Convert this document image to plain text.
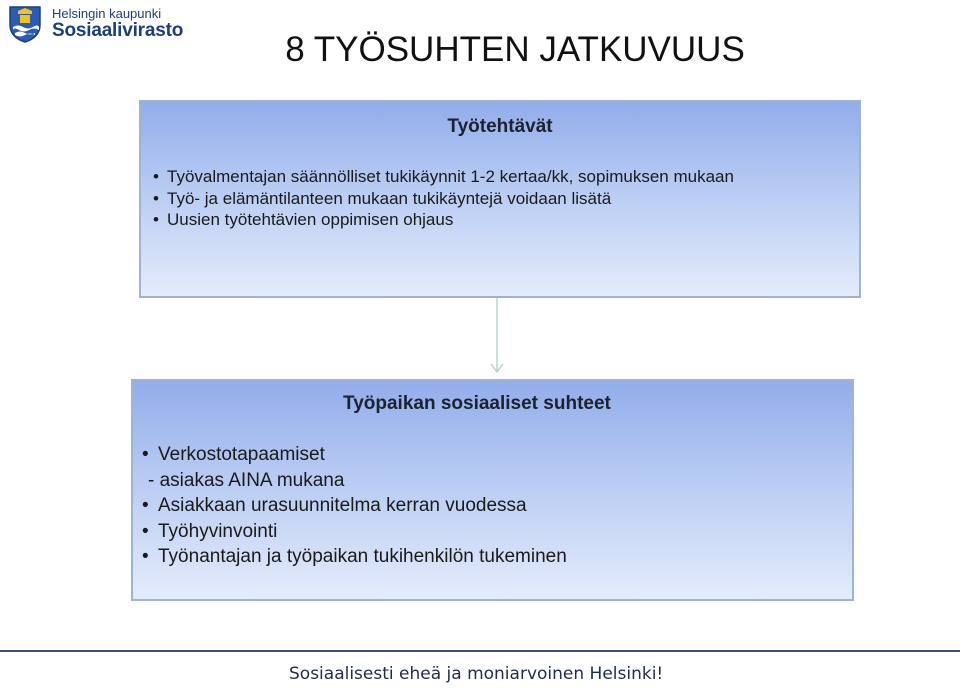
Helsingin kaupunki
Sosiaalivirasto	8 TYÖSUHTEN JATKUVUUS
Työtehtävät
• Työvalmentajan säännölliset tukikäynnit 1-2 kertaa/kk, sopimuksen mukaan
• Työ- ja elämäntilanteen mukaan tukikäyntejä voidaan lisätä
• Uusien työtehtävien oppimisen ohjaus
Työpaikan sosiaaliset suhteet
• Verkostotapaamiset
- asiakas AINA mukana
• Asiakkaan urasuunnitelma kerran vuodessa
• Työhyvinvointi
• Työnantajan ja työpaikan tukihenkilön tukeminen
Sosiaalisesti eheä ja moniarvoinen Helsinki!
